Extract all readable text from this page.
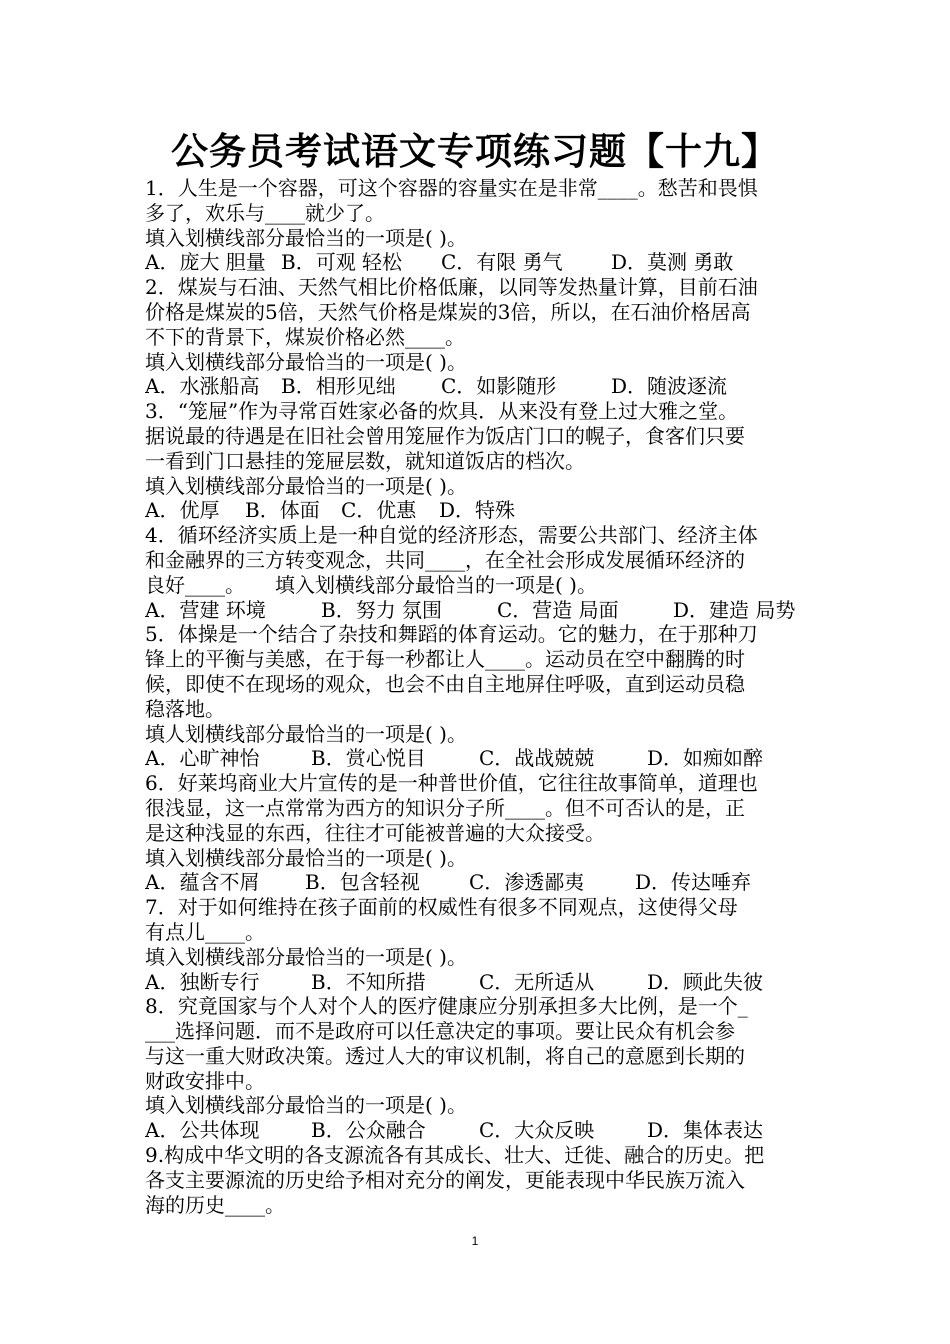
公务员考试语文专项练习题【十九】
1．人生是一个容器，可这个容器的容量实在是非常____。愁苦和畏惧
多了，欢乐与____就少了。
填入划横线部分最恰当的一项是( )。
A．庞大 胆量 B．可观 轻松 C．有限 勇气 D．莫测 勇敢
2．煤炭与石油、天然气相比价格低廉，以同等发热量计算，目前石油
价格是煤炭的5倍，天然气价格是煤炭的3倍，所以，在石油价格居高
不下的背景下，煤炭价格必然____。
填入划横线部分最恰当的一项是( )。
A．水涨船高 B．相形见绌 C．如影随形	D．随波逐流
3．“笼屉”作为寻常百姓家必备的炊具．从来没有登上过大雅之堂。
据说最的待遇是在旧社会曾用笼屉作为饭店门口的幌子，食客们只要
一看到门口悬挂的笼屉层数，就知道饭店的档次。
填入划横线部分最恰当的一项是( )。
A．优厚 B．体面 C．优惠 D．特殊
4．循环经济实质上是一种自觉的经济形态，需要公共部门、经济主体
和金融界的三方转变观念，共同____，在全社会形成发展循环经济的
良好____。　　填入划横线部分最恰当的一项是( )。
A．营建 环境	B．努力 氛围	C．营造 局面	D．建造 局势
5．体操是一个结合了杂技和舞蹈的体育运动。它的魅力，在于那种刀
锋上的平衡与美感，在于每一秒都让人____。运动员在空中翻腾的时
候，即使不在现场的观众，也会不由自主地屏住呼吸，直到运动员稳
稳落地。
填人划横线部分最恰当的一项是( )。
A．心旷神怡	B．赏心悦目	C．战战兢兢	D．如痴如醉
6．好莱坞商业大片宣传的是一种普世价值，它往往故事简单，道理也
很浅显，这一点常常为西方的知识分子所____。但不可否认的是，正
是这种浅显的东西，往往才可能被普遍的大众接受。
填入划横线部分最恰当的一项是( )。
A．蕴含不屑 B．包含轻视 C．渗透鄙夷	D．传达唾弃
7．对于如何维持在孩子面前的权威性有很多不同观点，这使得父母
有点儿____。
填入划横线部分最恰当的一项是( )。
A．独断专行	B．不知所措	C．无所适从	D．顾此失彼
8．究竟国家与个人对个人的医疗健康应分别承担多大比例，是一个_
___选择问题．而不是政府可以任意决定的事项。要让民众有机会参
与这一重大财政决策。透过人大的审议机制，将自己的意愿到长期的
财政安排中。
填入划横线部分最恰当的一项是( )。
A．公共体现	B．公众融合	C．大众反映	D．集体表达
9.构成中华文明的各支源流各有其成长、壮大、迁徙、融合的历史。把
各支主要源流的历史给予相对充分的阐发，更能表现中华民族万流入
海的历史____。
1
